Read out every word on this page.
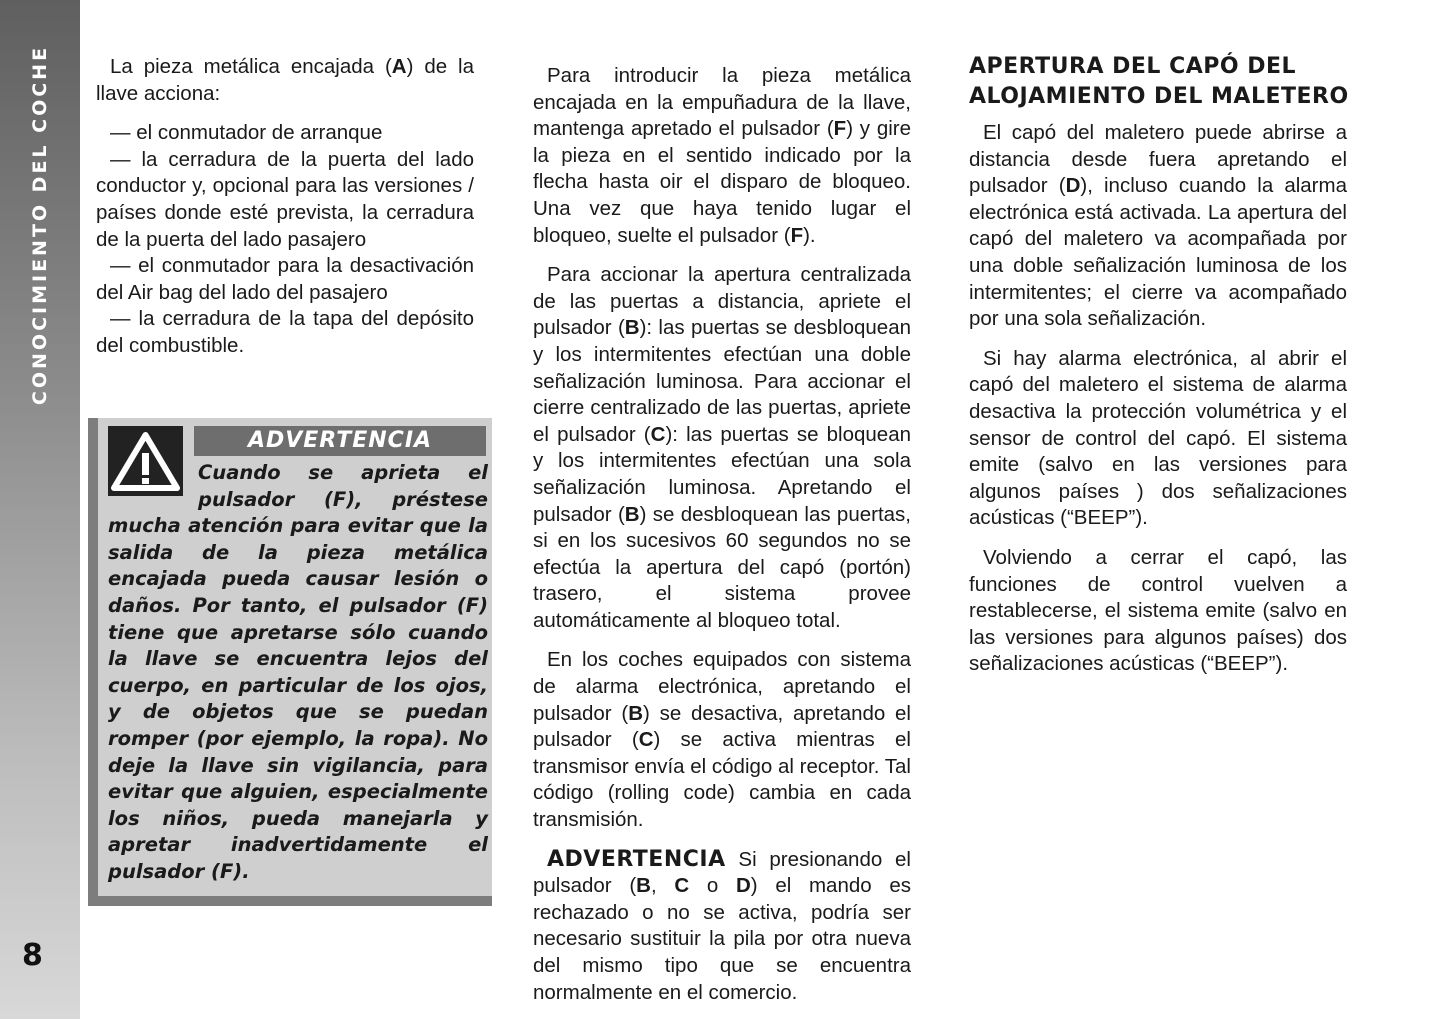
CONOCIMIENTO DEL COCHE
8

La pieza metálica encajada (A) de la llave acciona:

— el conmutador de arranque

— la cerradura de la puerta del lado conductor y, opcional para las versiones / países donde esté prevista, la cerradura de la puerta del lado pasajero

— el conmutador para la desactivación del Air bag del lado del pasajero

— la cerradura de la tapa del depósito del combustible.

ADVERTENCIA
Cuando se aprieta el pulsador (F), préstese mucha atención para evitar que la salida de la pieza metálica encajada pueda causar lesión o daños. Por tanto, el pulsador (F) tiene que apretarse sólo cuando la llave se encuentra lejos del cuerpo, en particular de los ojos, y de objetos que se puedan romper (por ejemplo, la ropa). No deje la llave sin vigilancia, para evitar que alguien, especialmente los niños, pueda manejarla y apretar inadvertidamente el pulsador (F).

Para introducir la pieza metálica encajada en la empuñadura de la llave, mantenga apretado el pulsador (F) y gire la pieza en el sentido indicado por la flecha hasta oir el disparo de bloqueo. Una vez que haya tenido lugar el bloqueo, suelte el pulsador (F).

Para accionar la apertura centralizada de las puertas a distancia, apriete el pulsador (B): las puertas se desbloquean y los intermitentes efectúan una doble señalización luminosa. Para accionar el cierre centralizado de las puertas, apriete el pulsador (C): las puertas se bloquean y los intermitentes efectúan una sola señalización luminosa. Apretando el pulsador (B) se desbloquean las puertas, si en los sucesivos 60 segundos no se efectúa la apertura del capó (portón) trasero, el sistema provee automáticamente al bloqueo total.

En los coches equipados con sistema de alarma electrónica, apretando el pulsador (B) se desactiva, apretando el pulsador (C) se activa mientras el transmisor envía el código al receptor. Tal código (rolling code) cambia en cada transmisión.

ADVERTENCIA Si presionando el pulsador (B, C o D) el mando es rechazado o no se activa, podría ser necesario sustituir la pila por otra nueva del mismo tipo que se encuentra normalmente en el comercio.

APERTURA DEL CAPÓ DEL ALOJAMIENTO DEL MALETERO

El capó del maletero puede abrirse a distancia desde fuera apretando el pulsador (D), incluso cuando la alarma electrónica está activada. La apertura del capó del maletero va acompañada por una doble señalización luminosa de los intermitentes; el cierre va acompañado por una sola señalización.

Si hay alarma electrónica, al abrir el capó del maletero el sistema de alarma desactiva la protección volumétrica y el sensor de control del capó. El sistema emite (salvo en las versiones para algunos países ) dos señalizaciones acústicas (“BEEP”).

Volviendo a cerrar el capó, las funciones de control vuelven a restablecerse, el sistema emite (salvo en las versiones para algunos países) dos señalizaciones acústicas (“BEEP”).
